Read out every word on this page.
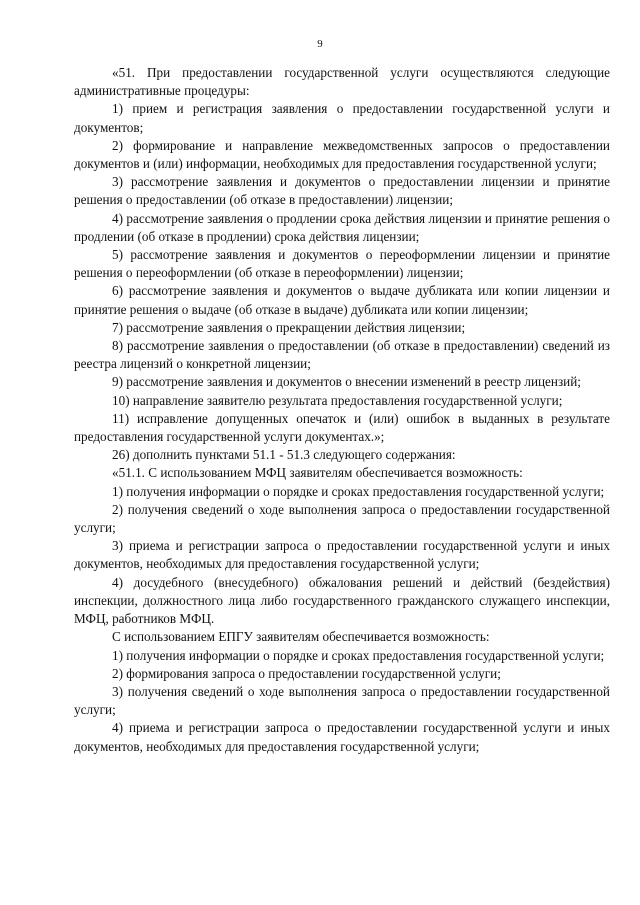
9

«51. При предоставлении государственной услуги осуществляются следующие административные процедуры:

1) прием и регистрация заявления о предоставлении государственной услуги и документов;

2) формирование и направление межведомственных запросов о предоставлении документов и (или) информации, необходимых для предоставления государственной услуги;

3) рассмотрение заявления и документов о предоставлении лицензии и принятие решения о предоставлении (об отказе в предоставлении) лицензии;

4) рассмотрение заявления о продлении срока действия лицензии и принятие решения о продлении (об отказе в продлении) срока действия лицензии;

5) рассмотрение заявления и документов о переоформлении лицензии и принятие решения о переоформлении (об отказе в переоформлении) лицензии;

6) рассмотрение заявления и документов о выдаче дубликата или копии лицензии и принятие решения о выдаче (об отказе в выдаче) дубликата или копии лицензии;

7) рассмотрение заявления о прекращении действия лицензии;

8) рассмотрение заявления о предоставлении (об отказе в предоставлении) сведений из реестра лицензий о конкретной лицензии;

9) рассмотрение заявления и документов о внесении изменений в реестр лицензий;

10) направление заявителю результата предоставления государственной услуги;

11) исправление допущенных опечаток и (или) ошибок в выданных в результате предоставления государственной услуги документах.»;

26) дополнить пунктами 51.1 - 51.3 следующего содержания:

«51.1. С использованием МФЦ заявителям обеспечивается возможность:

1) получения информации о порядке и сроках предоставления государственной услуги;

2) получения сведений о ходе выполнения запроса о предоставлении государственной услуги;

3) приема и регистрации запроса о предоставлении государственной услуги и иных документов, необходимых для предоставления государственной услуги;

4) досудебного (внесудебного) обжалования решений и действий (бездействия) инспекции, должностного лица либо государственного гражданского служащего инспекции, МФЦ, работников МФЦ.

С использованием ЕПГУ заявителям обеспечивается возможность:

1) получения информации о порядке и сроках предоставления государственной услуги;

2) формирования запроса о предоставлении государственной услуги;

3) получения сведений о ходе выполнения запроса о предоставлении государственной услуги;

4) приема и регистрации запроса о предоставлении государственной услуги и иных документов, необходимых для предоставления государственной услуги;
